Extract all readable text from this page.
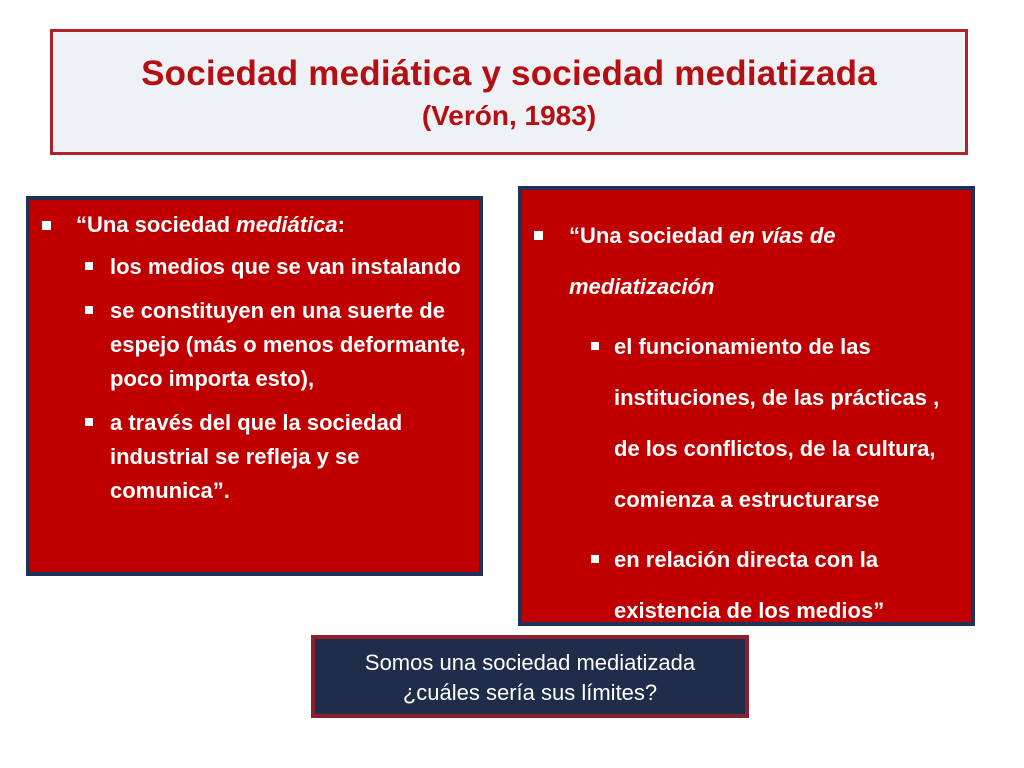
Sociedad mediática y sociedad mediatizada
(Verón, 1983)
“Una sociedad mediática:
los medios que se van instalando
se constituyen en una suerte de espejo (más o menos deformante, poco importa esto),
a través del que la sociedad industrial se refleja y se comunica”.
“Una sociedad en vías de mediatización
el funcionamiento de las instituciones, de las prácticas , de los conflictos, de la cultura, comienza a estructurarse
en relación directa con la existencia de los medios”
Somos una sociedad mediatizada
¿cuáles sería sus límites?
